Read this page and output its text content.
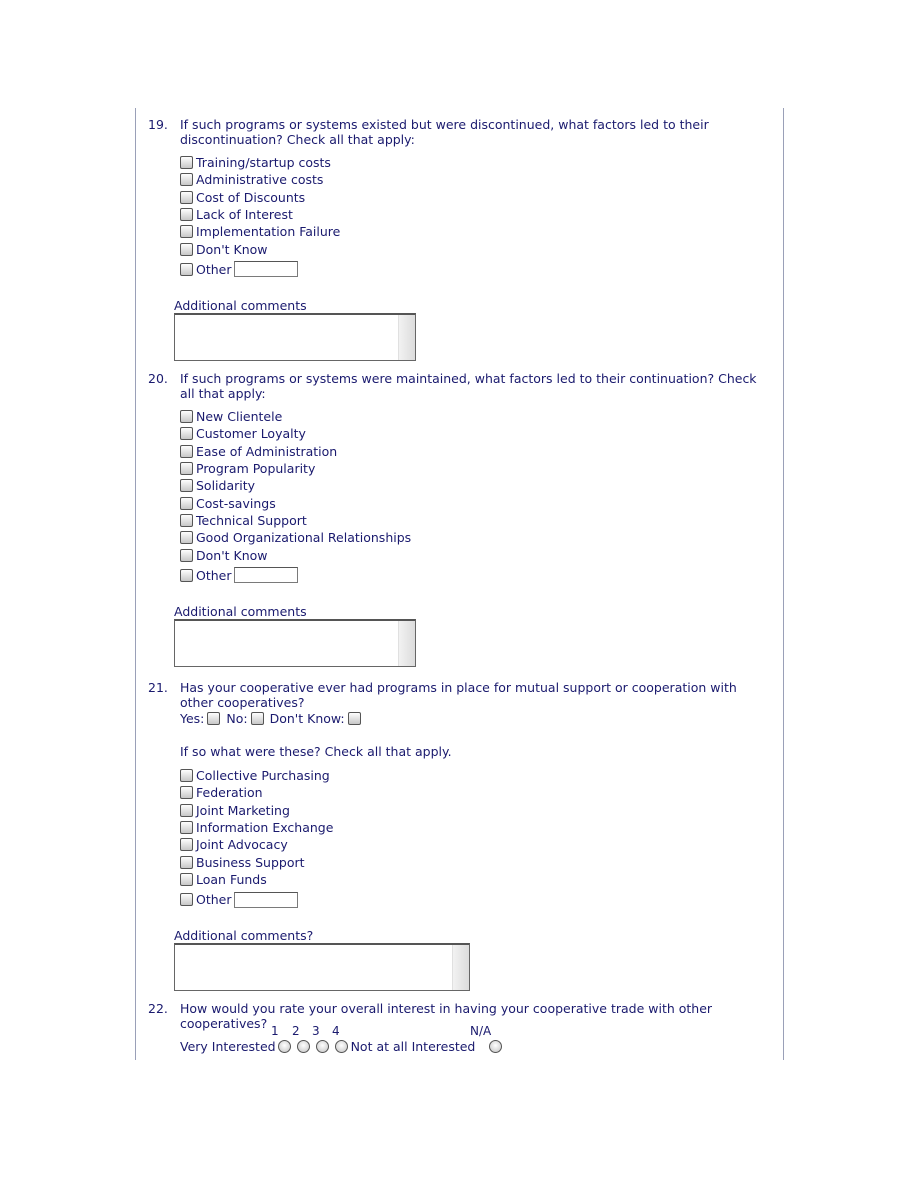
19. If such programs or systems existed but were discontinued, what factors led to their discontinuation? Check all that apply:
Training/startup costs
Administrative costs
Cost of Discounts
Lack of Interest
Implementation Failure
Don't Know
Other
Additional comments
20. If such programs or systems were maintained, what factors led to their continuation? Check all that apply:
New Clientele
Customer Loyalty
Ease of Administration
Program Popularity
Solidarity
Cost-savings
Technical Support
Good Organizational Relationships
Don't Know
Other
Additional comments
21. Has your cooperative ever had programs in place for mutual support or cooperation with other cooperatives?
Yes: No: Don't Know:
If so what were these? Check all that apply.
Collective Purchasing
Federation
Joint Marketing
Information Exchange
Joint Advocacy
Business Support
Loan Funds
Other
Additional comments?
22. How would you rate your overall interest in having your cooperative trade with other cooperatives? 1 2 3 4	N/A
Very Interested	Not at all Interested
